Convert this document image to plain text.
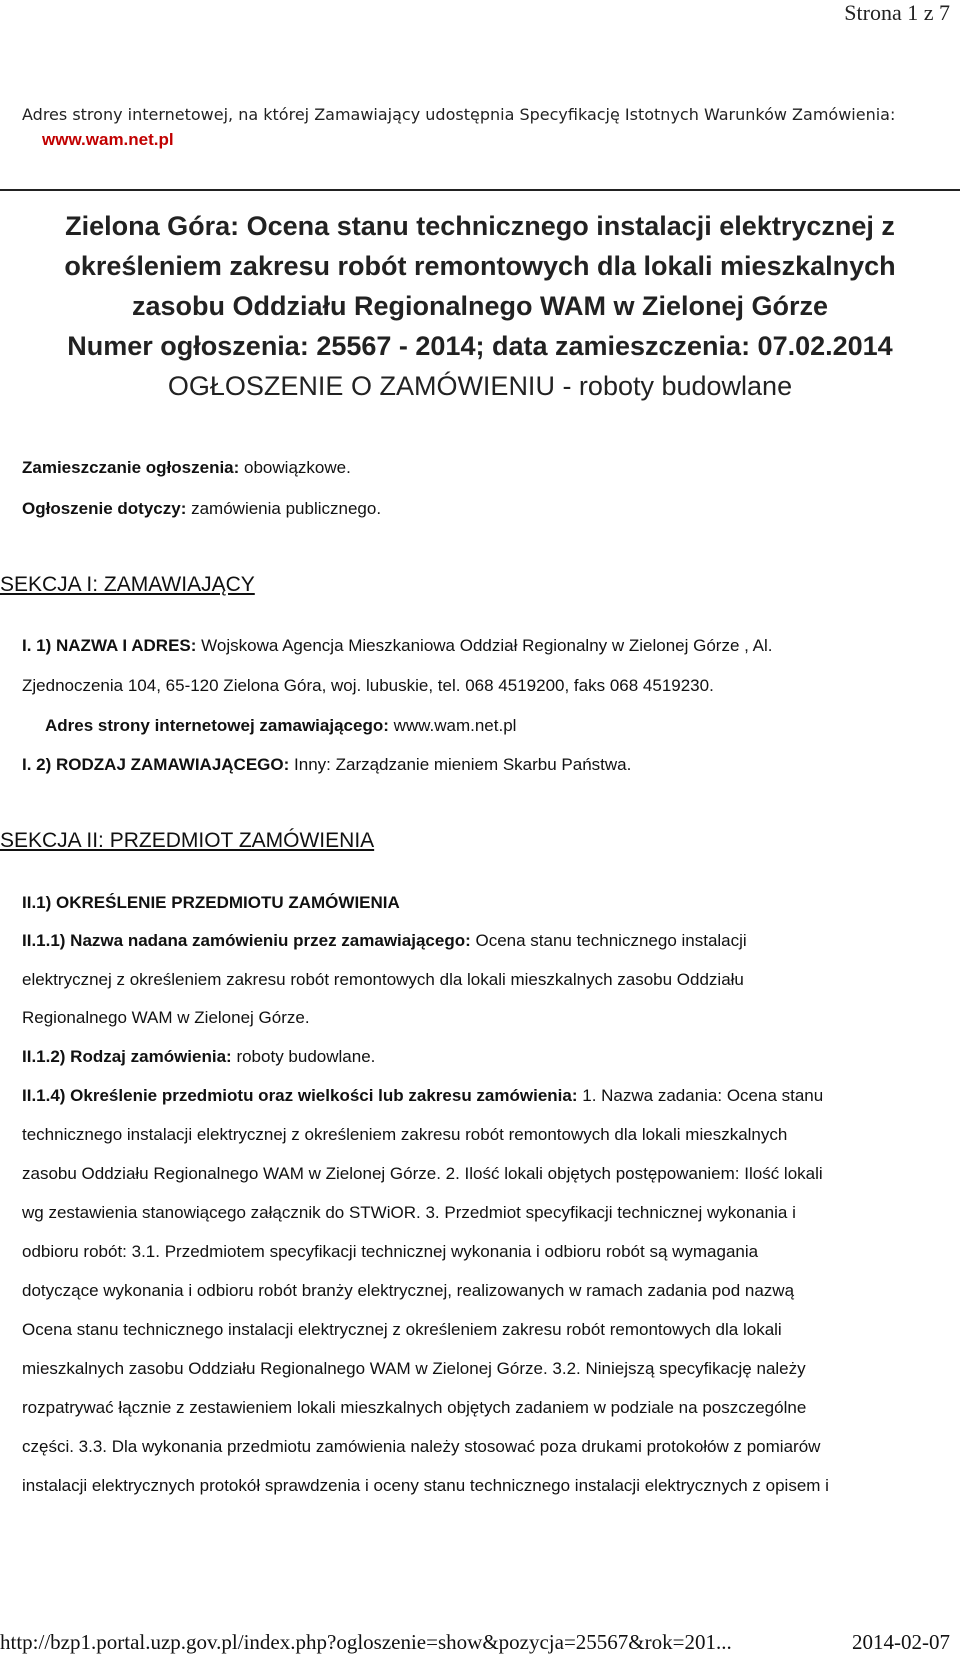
Strona 1 z 7
Adres strony internetowej, na której Zamawiający udostępnia Specyfikację Istotnych Warunków Zamówienia:
www.wam.net.pl
Zielona Góra: Ocena stanu technicznego instalacji elektrycznej z
określeniem zakresu robót remontowych dla lokali mieszkalnych
zasobu Oddziału Regionalnego WAM w Zielonej Górze
Numer ogłoszenia: 25567 - 2014; data zamieszczenia: 07.02.2014
OGŁOSZENIE O ZAMÓWIENIU - roboty budowlane
Zamieszczanie ogłoszenia: obowiązkowe.
Ogłoszenie dotyczy: zamówienia publicznego.
SEKCJA I: ZAMAWIAJĄCY
I. 1) NAZWA I ADRES: Wojskowa Agencja Mieszkaniowa Oddział Regionalny w Zielonej Górze , Al.
Zjednoczenia 104, 65-120 Zielona Góra, woj. lubuskie, tel. 068 4519200, faks 068 4519230.
Adres strony internetowej zamawiającego: www.wam.net.pl
I. 2) RODZAJ ZAMAWIAJĄCEGO: Inny: Zarządzanie mieniem Skarbu Państwa.
SEKCJA II: PRZEDMIOT ZAMÓWIENIA
II.1) OKREŚLENIE PRZEDMIOTU ZAMÓWIENIA
II.1.1) Nazwa nadana zamówieniu przez zamawiającego: Ocena stanu technicznego instalacji
elektrycznej z określeniem zakresu robót remontowych dla lokali mieszkalnych zasobu Oddziału
Regionalnego WAM w Zielonej Górze.
II.1.2) Rodzaj zamówienia: roboty budowlane.
II.1.4) Określenie przedmiotu oraz wielkości lub zakresu zamówienia: 1. Nazwa zadania: Ocena stanu
technicznego instalacji elektrycznej z określeniem zakresu robót remontowych dla lokali mieszkalnych
zasobu Oddziału Regionalnego WAM w Zielonej Górze. 2. Ilość lokali objętych postępowaniem: Ilość lokali
wg zestawienia stanowiącego załącznik do STWiOR. 3. Przedmiot specyfikacji technicznej wykonania i
odbioru robót: 3.1. Przedmiotem specyfikacji technicznej wykonania i odbioru robót są wymagania
dotyczące wykonania i odbioru robót branży elektrycznej, realizowanych w ramach zadania pod nazwą
Ocena stanu technicznego instalacji elektrycznej z określeniem zakresu robót remontowych dla lokali
mieszkalnych zasobu Oddziału Regionalnego WAM w Zielonej Górze. 3.2. Niniejszą specyfikację należy
rozpatrywać łącznie z zestawieniem lokali mieszkalnych objętych zadaniem w podziale na poszczególne
części. 3.3. Dla wykonania przedmiotu zamówienia należy stosować poza drukami protokołów z pomiarów
instalacji elektrycznych protokół sprawdzenia i oceny stanu technicznego instalacji elektrycznych z opisem i
http://bzp1.portal.uzp.gov.pl/index.php?ogloszenie=show&pozycja=25567&rok=201...	2014-02-07
